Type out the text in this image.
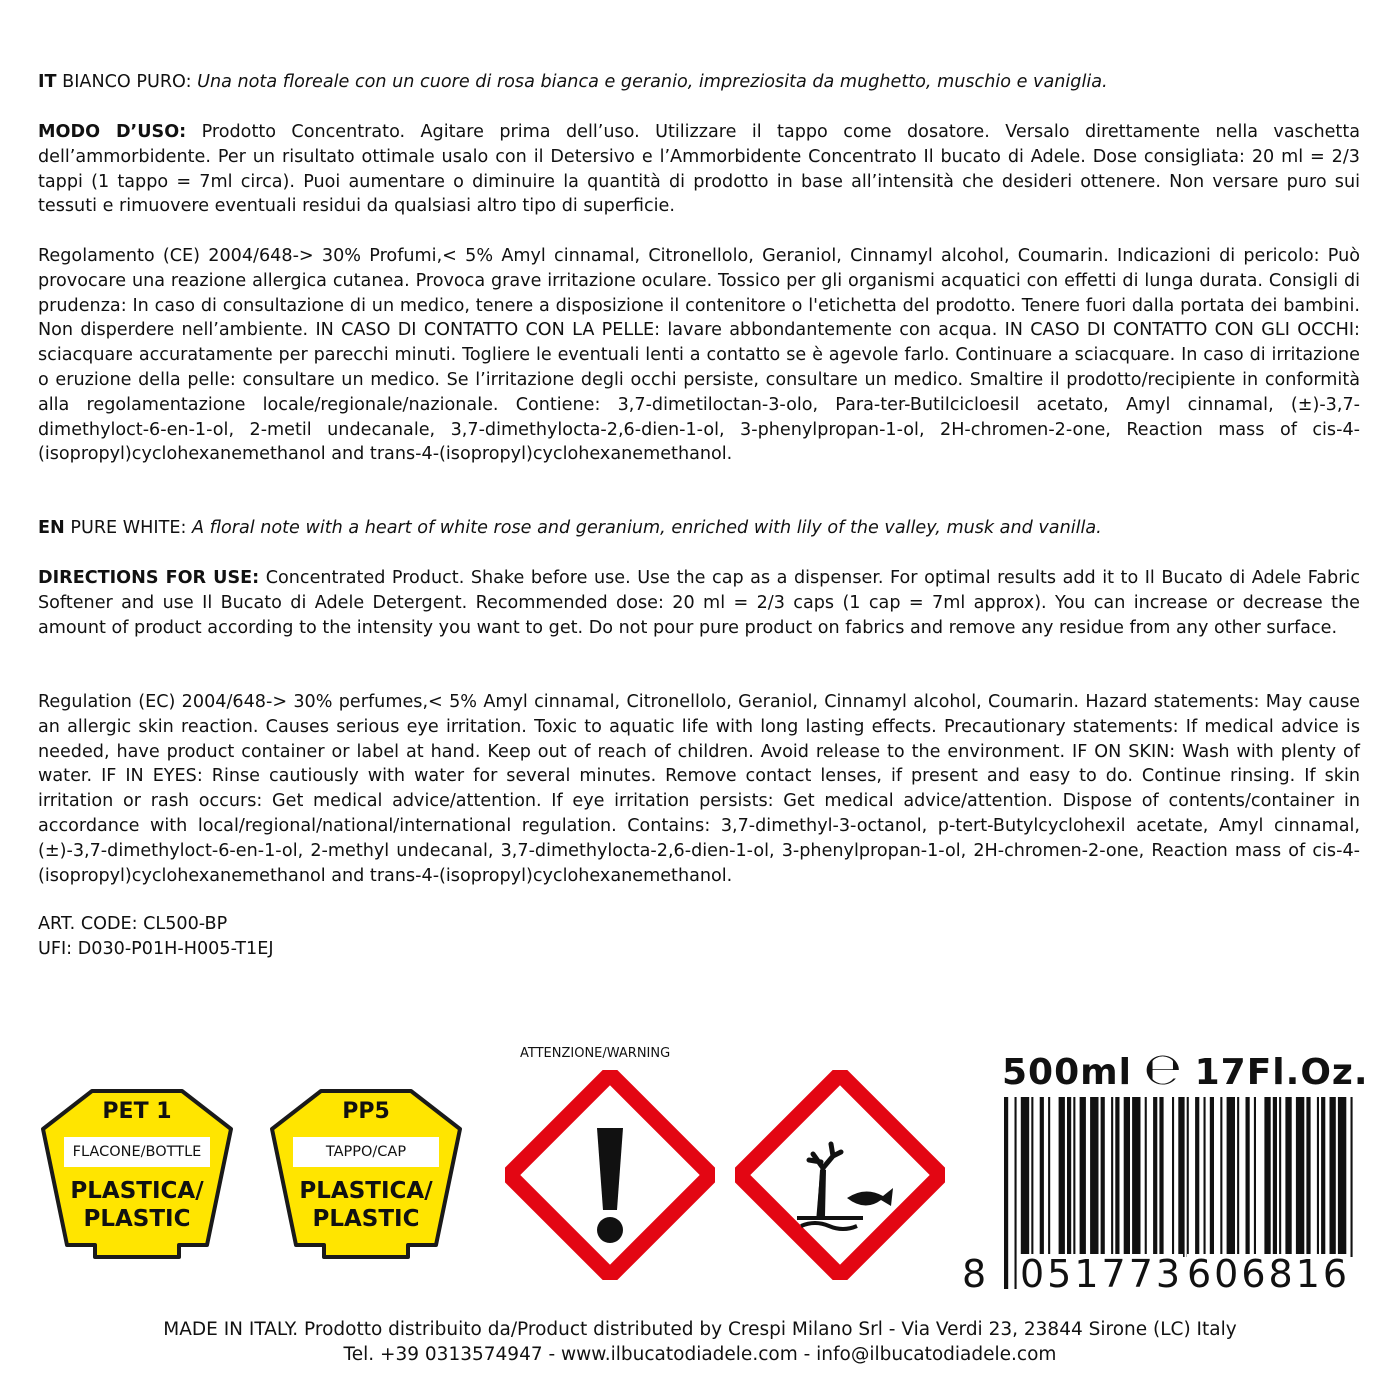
IT BIANCO PURO: Una nota floreale con un cuore di rosa bianca e geranio, impreziosita da mughetto, muschio e vaniglia.

MODO D’USO: Prodotto Concentrato. Agitare prima dell’uso. Utilizzare il tappo come dosatore. Versalo direttamente nella vaschetta dell’ammorbidente. Per un risultato ottimale usalo con il Detersivo e l’Ammorbidente Concentrato Il bucato di Adele. Dose consigliata: 20 ml = 2/3 tappi (1 tappo = 7ml circa). Puoi aumentare o diminuire la quantità di prodotto in base all’intensità che desideri ottenere. Non versare puro sui tessuti e rimuovere eventuali residui da qualsiasi altro tipo di superficie.

Regolamento (CE) 2004/648-> 30% Profumi,< 5% Amyl cinnamal, Citronellolo, Geraniol, Cinnamyl alcohol, Coumarin. Indicazioni di pericolo: Può provocare una reazione allergica cutanea. Provoca grave irritazione oculare. Tossico per gli organismi acquatici con effetti di lunga durata. Consigli di prudenza: In caso di consultazione di un medico, tenere a disposizione il contenitore o l'etichetta del prodotto. Tenere fuori dalla portata dei bambini. Non disperdere nell’ambiente. IN CASO DI CONTATTO CON LA PELLE: lavare abbondantemente con acqua. IN CASO DI CONTATTO CON GLI OCCHI: sciacquare accuratamente per parecchi minuti. Togliere le eventuali lenti a contatto se è agevole farlo. Continuare a sciacquare. In caso di irritazione o eruzione della pelle: consultare un medico. Se l’irritazione degli occhi persiste, consultare un medico. Smaltire il prodotto/recipiente in conformità alla regolamentazione locale/regionale/nazionale. Contiene: 3,7-dimetiloctan-3-olo, Para-ter-Butilcicloesil acetato, Amyl cinnamal, (±)-3,7-dimethyloct-6-en-1-ol, 2-metil undecanale, 3,7-dimethylocta-2,6-dien-1-ol, 3-phenylpropan-1-ol, 2H-chromen-2-one, Reaction mass of cis-4-(isopropyl)cyclohexanemethanol and trans-4-(isopropyl)cyclohexanemethanol.

EN PURE WHITE: A floral note with a heart of white rose and geranium, enriched with lily of the valley, musk and vanilla.

DIRECTIONS FOR USE: Concentrated Product. Shake before use. Use the cap as a dispenser. For optimal results add it to Il Bucato di Adele Fabric Softener and use Il Bucato di Adele Detergent. Recommended dose: 20 ml = 2/3 caps (1 cap = 7ml approx). You can increase or decrease the amount of product according to the intensity you want to get. Do not pour pure product on fabrics and remove any residue from any other surface.

Regulation (EC) 2004/648-> 30% perfumes,< 5% Amyl cinnamal, Citronellolo, Geraniol, Cinnamyl alcohol, Coumarin. Hazard statements: May cause an allergic skin reaction. Causes serious eye irritation. Toxic to aquatic life with long lasting effects. Precautionary statements: If medical advice is needed, have product container or label at hand. Keep out of reach of children. Avoid release to the environment. IF ON SKIN: Wash with plenty of water. IF IN EYES: Rinse cautiously with water for several minutes. Remove contact lenses, if present and easy to do. Continue rinsing. If skin irritation or rash occurs: Get medical advice/attention. If eye irritation persists: Get medical advice/attention. Dispose of contents/container in accordance with local/regional/national/international regulation. Contains: 3,7-dimethyl-3-octanol, p-tert-Butylcyclohexil acetate, Amyl cinnamal, (±)-3,7-dimethyloct-6-en-1-ol, 2-methyl undecanal, 3,7-dimethylocta-2,6-dien-1-ol, 3-phenylpropan-1-ol, 2H-chromen-2-one, Reaction mass of cis-4-(isopropyl)cyclohexanemethanol and trans-4-(isopropyl)cyclohexanemethanol.

ART. CODE: CL500-BP
UFI: D030-P01H-H005-T1EJ
PET 1
FLACONE/BOTTLE
PLASTICA/
PLASTIC
PP5
TAPPO/CAP
PLASTICA/
PLASTIC
ATTENZIONE/WARNING	500ml ℮ 17Fl.Oz.
8 051773 606816
MADE IN ITALY. Prodotto distribuito da/Product distributed by Crespi Milano Srl - Via Verdi 23, 23844 Sirone (LC) Italy
Tel. +39 0313574947 - www.ilbucatodiadele.com - info@ilbucatodiadele.com
